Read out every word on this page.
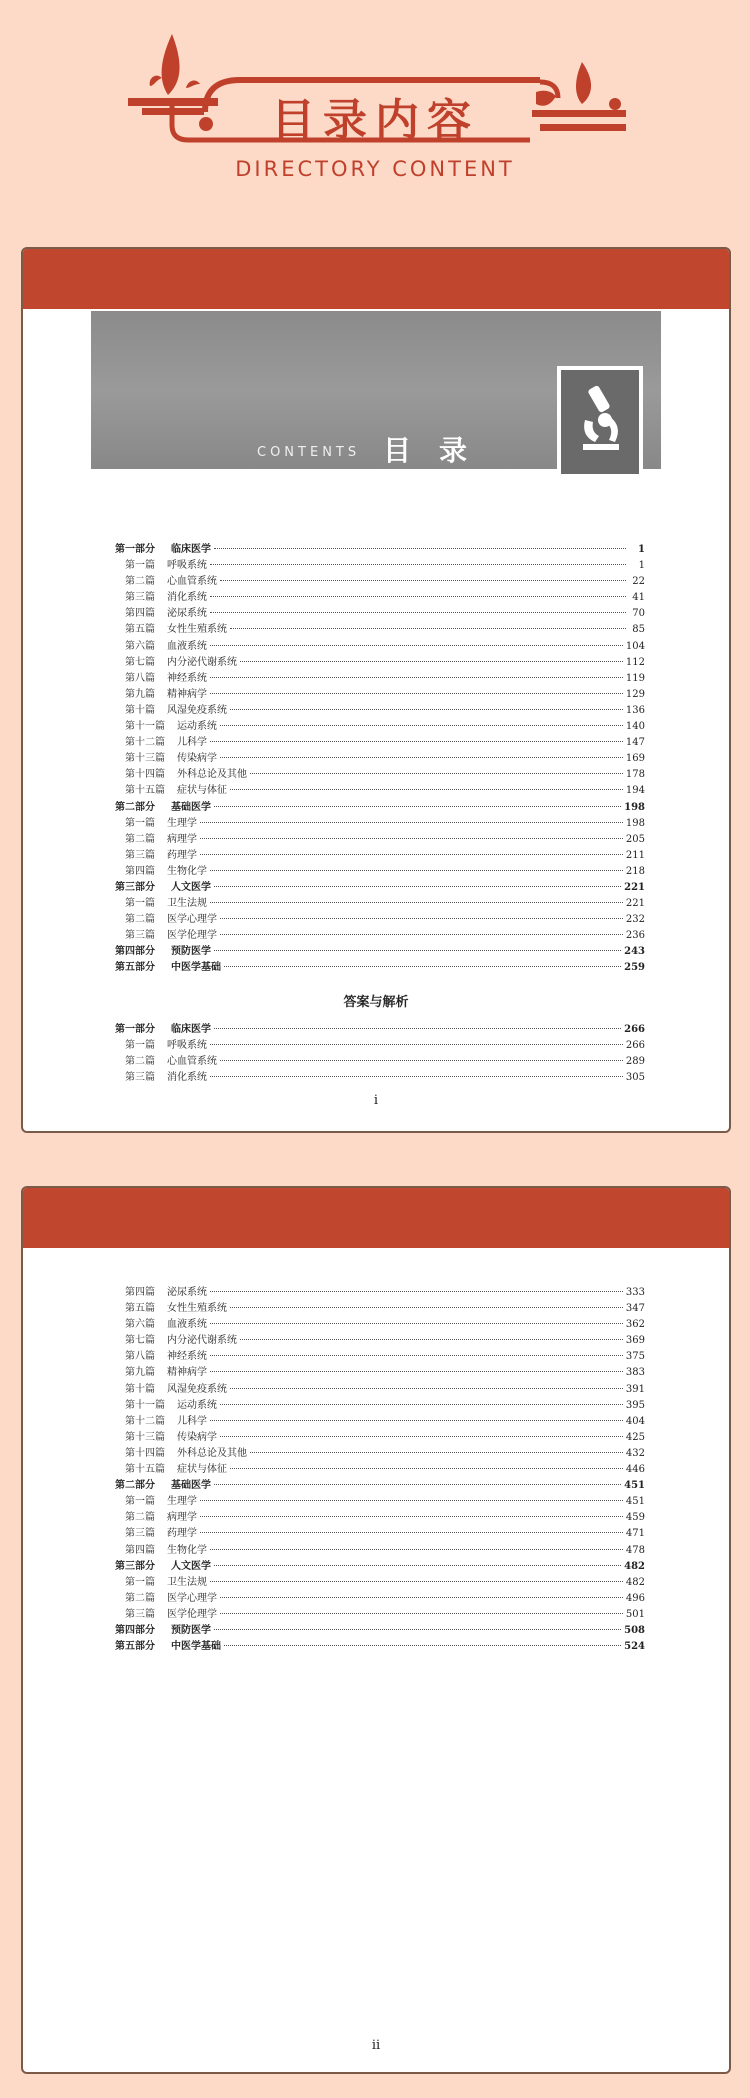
目录内容
DIRECTORY CONTENT
CONTENTS 目录
第一部分	临床医学	1
第一篇 呼吸系统	1
第二篇 心血管系统	22
第三篇 消化系统	41
第四篇 泌尿系统	70
第五篇 女性生殖系统	85
第六篇 血液系统	104
第七篇 内分泌代谢系统	112
第八篇 神经系统	119
第九篇 精神病学	129
第十篇 风湿免疫系统	136
第十一篇 运动系统	140
第十二篇 儿科学	147
第十三篇 传染病学	169
第十四篇 外科总论及其他	178
第十五篇 症状与体征	194
第二部分	基础医学	198
第一篇 生理学	198
第二篇 病理学	205
第三篇 药理学	211
第四篇 生物化学	218
第三部分	人文医学	221
第一篇 卫生法规	221
第二篇 医学心理学	232
第三篇 医学伦理学	236
第四部分	预防医学	243
第五部分	中医学基础	259
答案与解析
第一部分	临床医学	266
第一篇 呼吸系统	266
第二篇 心血管系统	289
第三篇 消化系统	305
i
第四篇 泌尿系统	333
第五篇 女性生殖系统	347
第六篇 血液系统	362
第七篇 内分泌代谢系统	369
第八篇 神经系统	375
第九篇 精神病学	383
第十篇 风湿免疫系统	391
第十一篇 运动系统	395
第十二篇 儿科学	404
第十三篇 传染病学	425
第十四篇 外科总论及其他	432
第十五篇 症状与体征	446
第二部分	基础医学	451
第一篇 生理学	451
第二篇 病理学	459
第三篇 药理学	471
第四篇 生物化学	478
第三部分	人文医学	482
第一篇 卫生法规	482
第二篇 医学心理学	496
第三篇 医学伦理学	501
第四部分	预防医学	508
第五部分	中医学基础	524
ii
